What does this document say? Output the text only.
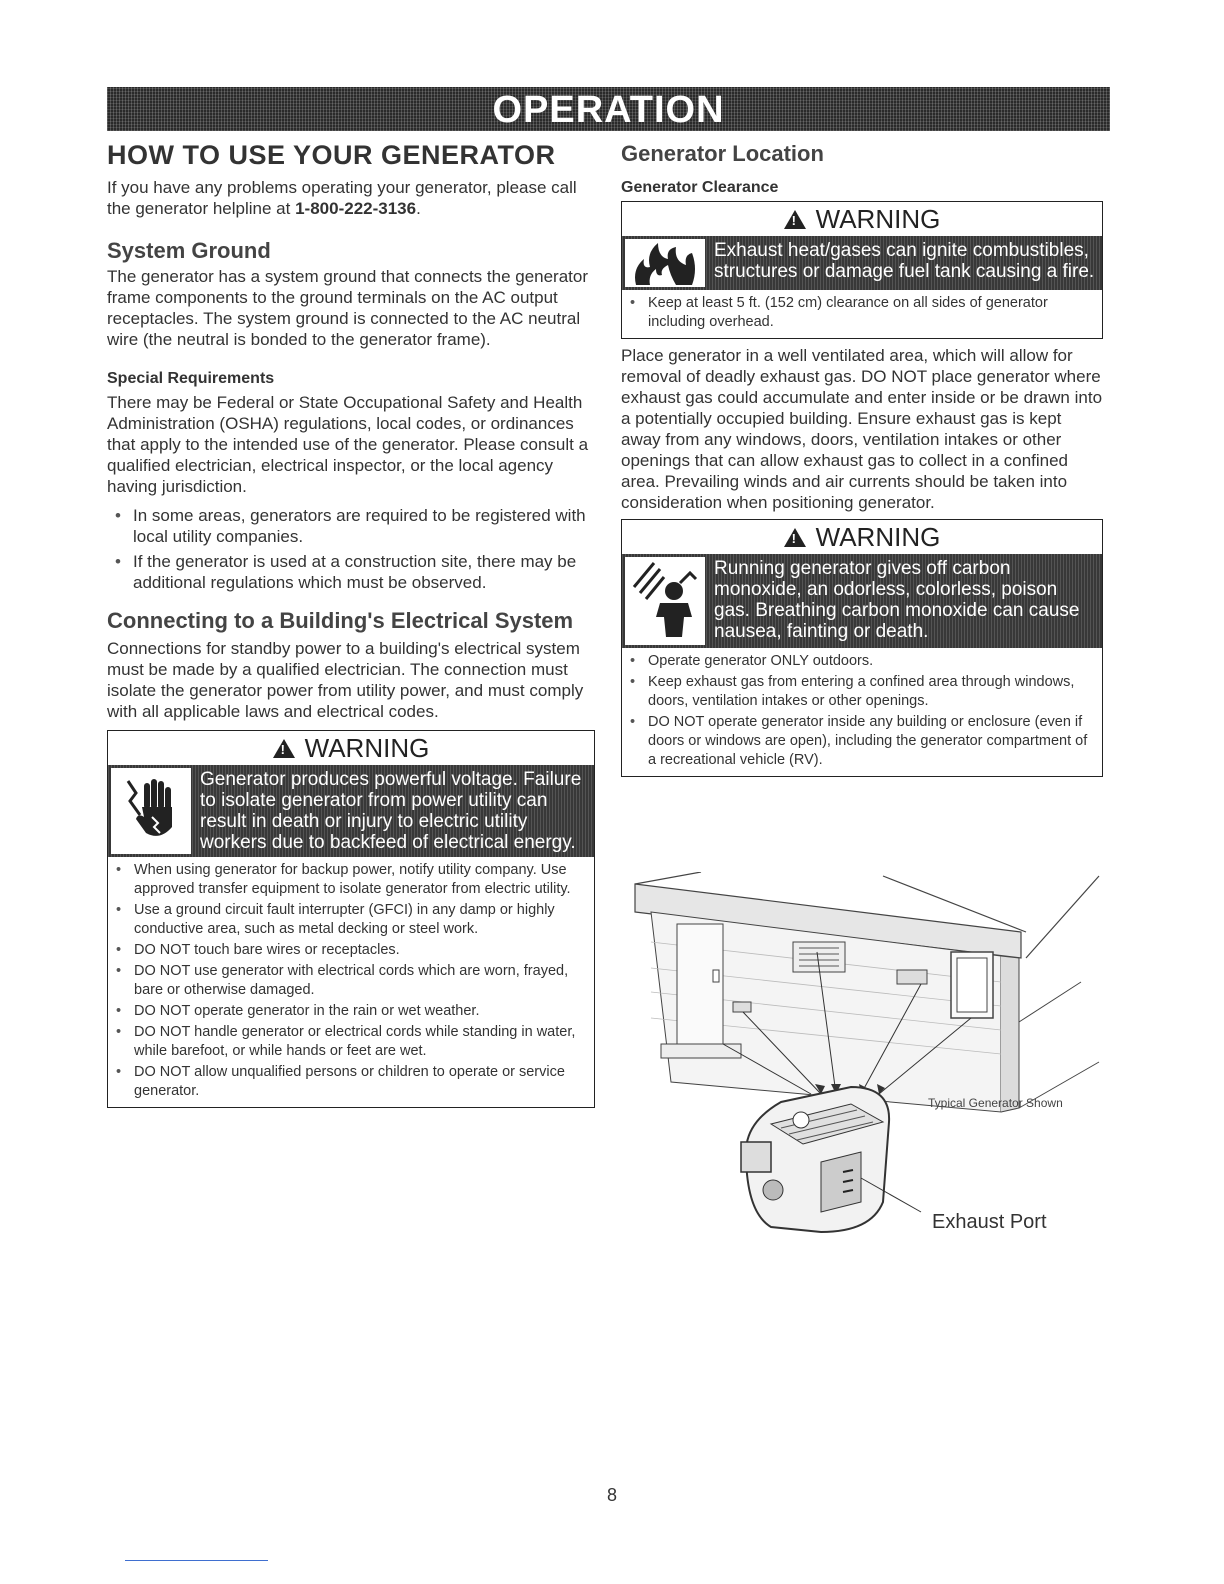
OPERATION
HOW TO USE YOUR GENERATOR

If you have any problems operating your generator, please call the generator helpline at 1-800-222-3136.

System Ground

The generator has a system ground that connects the generator frame components to the ground terminals on the AC output receptacles. The system ground is connected to the AC neutral wire (the neutral is bonded to the generator frame).

Special Requirements

There may be Federal or State Occupational Safety and Health Administration (OSHA) regulations, local codes, or ordinances that apply to the intended use of the generator. Please consult a qualified electrician, electrical inspector, or the local agency having jurisdiction.

• In some areas, generators are required to be registered with local utility companies.
• If the generator is used at a construction site, there may be additional regulations which must be observed.
Connecting to a Building's Electrical System

Connections for standby power to a building's electrical system must be made by a qualified electrician. The connection must isolate the generator power from utility power, and must comply with all applicable laws and electrical codes.

!WARNING
Generator produces powerful voltage. Failure to isolate generator from power utility can result in death or injury to electric utility workers due to backfeed of electrical energy.
• When using generator for backup power, notify utility company. Use approved transfer equipment to isolate generator from electric utility.
• Use a ground circuit fault interrupter (GFCI) in any damp or highly conductive area, such as metal decking or steel work.
• DO NOT touch bare wires or receptacles.
• DO NOT use generator with electrical cords which are worn, frayed, bare or otherwise damaged.
• DO NOT operate generator in the rain or wet weather.
• DO NOT handle generator or electrical cords while standing in water, while barefoot, or while hands or feet are wet.
• DO NOT allow unqualified persons or children to operate or service generator.
Generator Location
Generator Clearance
!WARNING
Exhaust heat/gases can ignite combustibles, structures or damage fuel tank causing a fire.
• Keep at least 5 ft. (152 cm) clearance on all sides of generator including overhead.

Place generator in a well ventilated area, which will allow for removal of deadly exhaust gas. DO NOT place generator where exhaust gas could accumulate and enter inside or be drawn into a potentially occupied building. Ensure exhaust gas is kept away from any windows, doors, ventilation intakes or other openings that can allow exhaust gas to collect in a confined area. Prevailing winds and air currents should be taken into consideration when positioning generator.

!WARNING
Running generator gives off carbon monoxide, an odorless, colorless, poison gas. Breathing carbon monoxide can cause nausea, fainting or death.
• Operate generator ONLY outdoors.
• Keep exhaust gas from entering a confined area through windows, doors, ventilation intakes or other openings.
• DO NOT operate generator inside any building or enclosure (even if doors or windows are open), including the generator compartment of a recreational vehicle (RV).
Typical Generator Shown
Exhaust Port
8
